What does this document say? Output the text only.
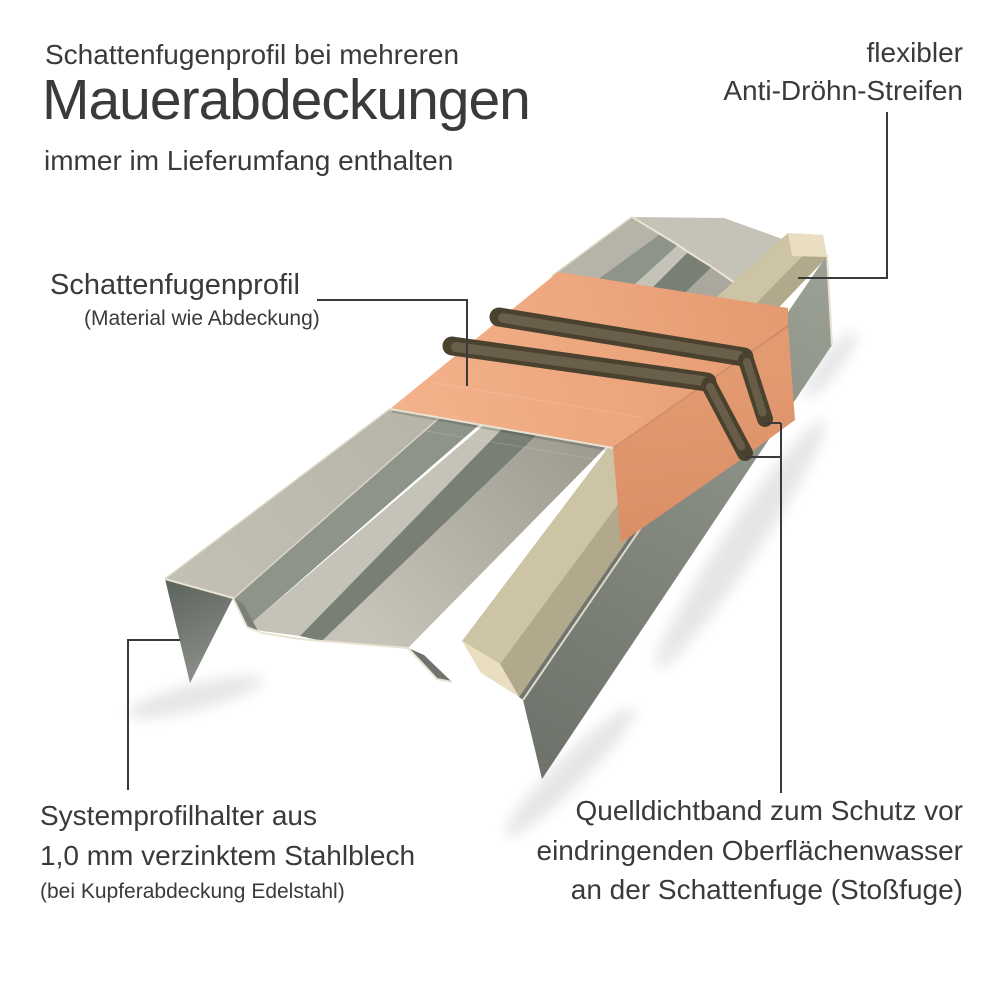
Schattenfugenprofil bei mehreren
Mauerabdeckungen
immer im Lieferumfang enthalten
flexibler
Anti-Dröhn-Streifen
Schattenfugenprofil
(Material wie Abdeckung)
Systemprofilhalter aus
1,0 mm verzinktem Stahlblech
(bei Kupferabdeckung Edelstahl)
Quelldichtband zum Schutz vor
eindringenden Oberflächenwasser
an der Schattenfuge (Stoßfuge)
